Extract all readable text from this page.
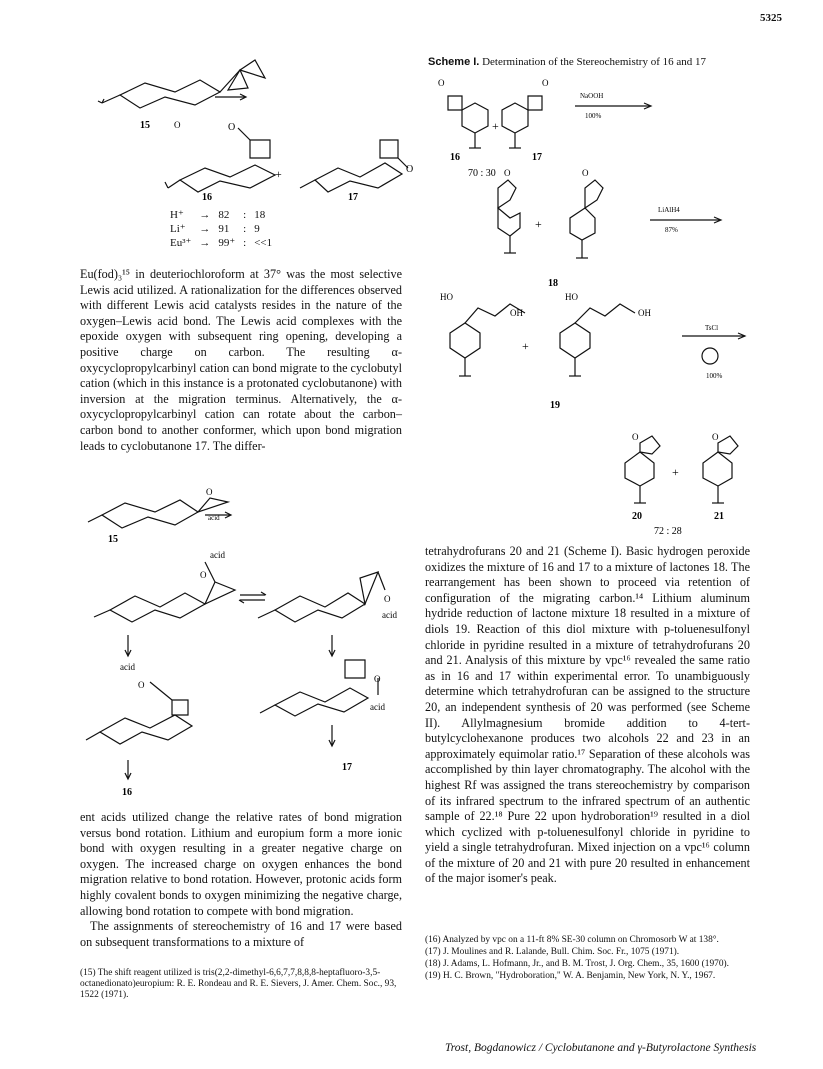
5325
O	O
O
15
16	17
+
H⁺	→	82	:	18
Li⁺	→	91	:	9
Eu³⁺	→	99⁺	:	<<1

Eu(fod)₃¹⁵ in deuteriochloroform at 37° was the most selective Lewis acid utilized. A rationalization for the differences observed with different Lewis acid catalysts resides in the nature of the oxygen–Lewis acid bond. The Lewis acid complexes with the epoxide oxygen with subsequent ring opening, developing a positive charge on carbon. The resulting α-oxycyclopropylcarbinyl cation can bond migrate to the cyclobutyl cation (which in this instance is a protonated cyclobutanone) with inversion at the migration terminus. Alternatively, the α-oxycyclopropylcarbinyl cation can rotate about the carbon–carbon bond to another conformer, which upon bond migration leads to cyclobutanone 17. The differ-

O
acid
15
acid
O
O
acid
acid
O
O
acid
17
16

ent acids utilized change the relative rates of bond migration versus bond rotation. Lithium and europium form a more ionic bond with oxygen resulting in a greater negative charge on oxygen. The increased charge on oxygen enhances the bond migration relative to bond rotation. However, protonic acids form highly covalent bonds to oxygen minimizing the negative charge, allowing bond rotation to compete with bond migration.

The assignments of stereochemistry of 16 and 17 were based on subsequent transformations to a mixture of

(15) The shift reagent utilized is tris(2,2-dimethyl-6,6,7,7,8,8,8-heptafluoro-3,5-octanedionato)europium: R. E. Rondeau and R. E. Sievers, J. Amer. Chem. Soc., 93, 1522 (1971).

Scheme I. Determination of the Stereochemistry of 16 and 17
O	O
+
NaOOH
100%
16	17
70 : 30 O	O
+
LiAlH4
87%
18
HO
OH
HO
OH
+
TsCl
100%
19
O	O
+
20	21
72 : 28

tetrahydrofurans 20 and 21 (Scheme I). Basic hydrogen peroxide oxidizes the mixture of 16 and 17 to a mixture of lactones 18. The rearrangement has been shown to proceed via retention of configuration of the migrating carbon.¹⁴ Lithium aluminum hydride reduction of lactone mixture 18 resulted in a mixture of diols 19. Reaction of this diol mixture with p-toluenesulfonyl chloride in pyridine resulted in a mixture of tetrahydrofurans 20 and 21. Analysis of this mixture by vpc¹⁶ revealed the same ratio as in 16 and 17 within experimental error. To unambiguously determine which tetrahydrofuran can be assigned to the structure 20, an independent synthesis of 20 was performed (see Scheme II). Allylmagnesium bromide addition to 4-tert-butylcyclohexanone produces two alcohols 22 and 23 in an approximately equimolar ratio.¹⁷ Separation of these alcohols was accomplished by thin layer chromatography. The alcohol with the highest Rf was assigned the trans stereochemistry by comparison of its infrared spectrum to the infrared spectrum of an authentic sample of 22.¹⁸ Pure 22 upon hydroboration¹⁹ resulted in a diol which cyclized with p-toluenesulfonyl chloride in pyridine to yield a single tetrahydrofuran. Mixed injection on a vpc¹⁶ column of the mixture of 20 and 21 with pure 20 resulted in enhancement of the major isomer's peak.

(16) Analyzed by vpc on a 11-ft 8% SE-30 column on Chromosorb W at 138°.

(17) J. Moulines and R. Lalande, Bull. Chim. Soc. Fr., 1075 (1971).

(18) J. Adams, L. Hofmann, Jr., and B. M. Trost, J. Org. Chem., 35, 1600 (1970).

(19) H. C. Brown, "Hydroboration," W. A. Benjamin, New York, N. Y., 1967.

Trost, Bogdanowicz / Cyclobutanone and γ-Butyrolactone Synthesis
